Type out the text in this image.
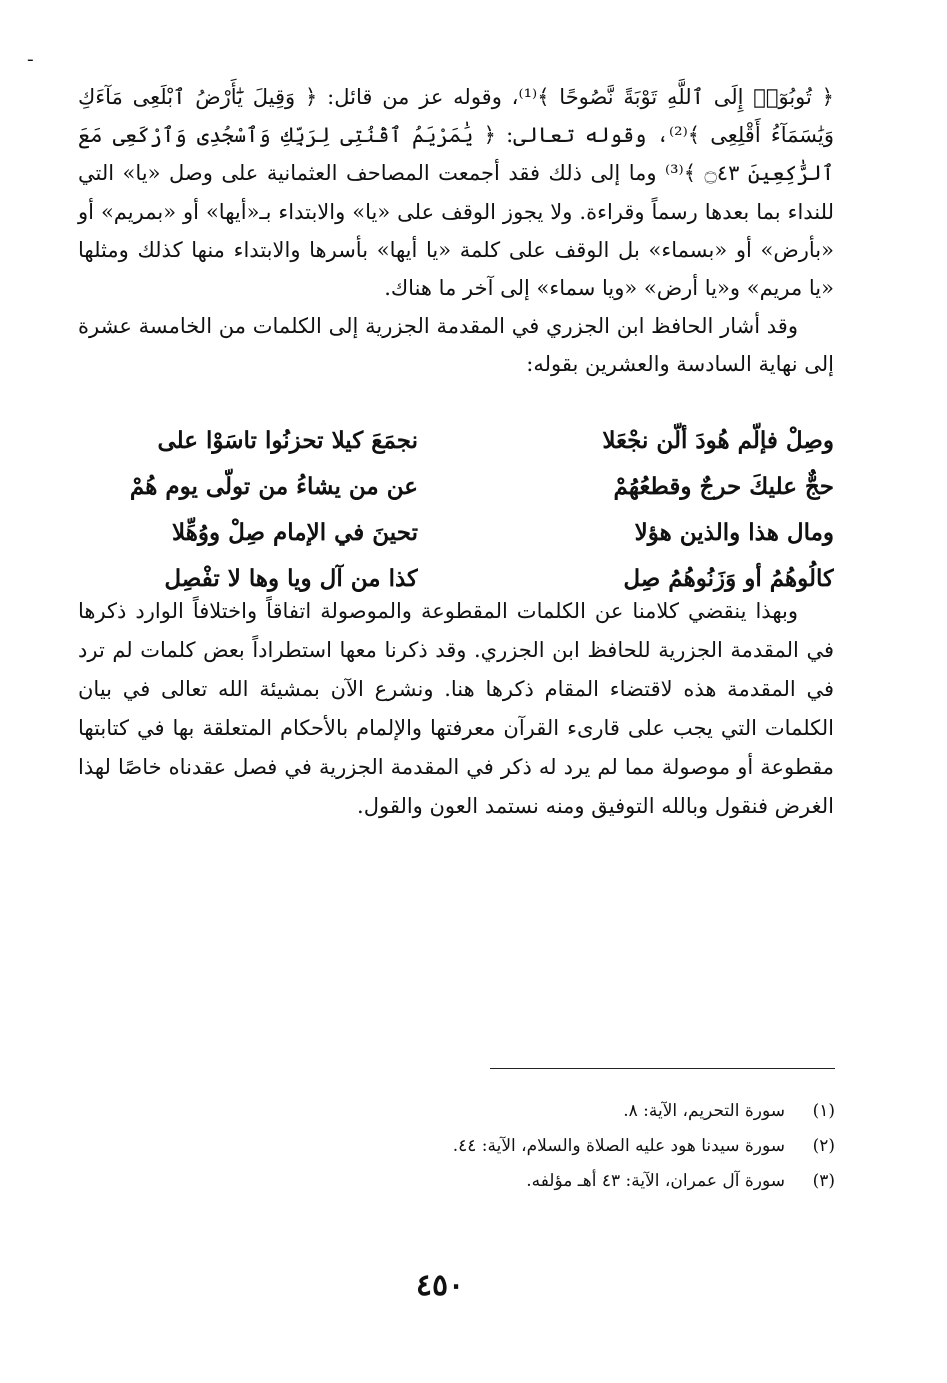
ـ

﴿ تُوبُوٓا۟ إِلَى ٱللَّهِ تَوْبَةً نَّصُوحًا ﴾⁽¹⁾، وقوله عز من قائل: ﴿ وَقِيلَ يَٰٓأَرْضُ ٱبْلَعِى مَآءَكِ وَيَٰسَمَآءُ أَقْلِعِى ﴾⁽²⁾، وقوله تعالى: ﴿ يَٰمَرْيَمُ ٱقْنُتِى لِرَبِّكِ وَٱسْجُدِى وَٱرْكَعِى مَعَ ٱلرَّٰكِعِينَ ۝٤٣ ﴾⁽³⁾ وما إلى ذلك فقد أجمعت المصاحف العثمانية على وصل «يا» التي للنداء بما بعدها رسماً وقراءة. ولا يجوز الوقف على «يا» والابتداء بـ«أيها» أو «بمريم» أو «بأرض» أو «بسماء» بل الوقف على كلمة «يا أيها» بأسرها والابتداء منها كذلك ومثلها «يا مريم» و«يا أرض» «ويا سماء» إلى آخر ما هناك.

وقد أشار الحافظ ابن الجزري في المقدمة الجزرية إلى الكلمات من الخامسة عشرة إلى نهاية السادسة والعشرين بقوله:

وصِلْ فإلّم هُودَ ألّن نجْعَلا
نجمَعَ كيلا تحزنُوا تاسَوْا على
حجٌّ عليكَ حرجٌ وقطعُهُمْ
عن من يشاءُ من تولّى يوم هُمْ
ومال هذا والذين هؤلا
تحينَ في الإمام صِلْ ووُهِّلا
كالُوهُمُ أو وَزَنُوهُمُ صِل
كذا من آل ويا وها لا تفْصِل

وبهذا ينقضي كلامنا عن الكلمات المقطوعة والموصولة اتفاقاً واختلافاً الوارد ذكرها في المقدمة الجزرية للحافظ ابن الجزري. وقد ذكرنا معها استطراداً بعض كلمات لم ترد في المقدمة هذه لاقتضاء المقام ذكرها هنا. ونشرع الآن بمشيئة الله تعالى في بيان الكلمات التي يجب على قارىء القرآن معرفتها والإلمام بالأحكام المتعلقة بها في كتابتها مقطوعة أو موصولة مما لم يرد له ذكر في المقدمة الجزرية في فصل عقدناه خاصًا لهذا الغرض فنقول وبالله التوفيق ومنه نستمد العون والقول.

(١)
سورة التحريم، الآية: ٨.
(٢)
سورة سيدنا هود عليه الصلاة والسلام، الآية: ٤٤.
(٣)
سورة آل عمران، الآية: ٤٣ أهـ مؤلفه.
٤٥٠
